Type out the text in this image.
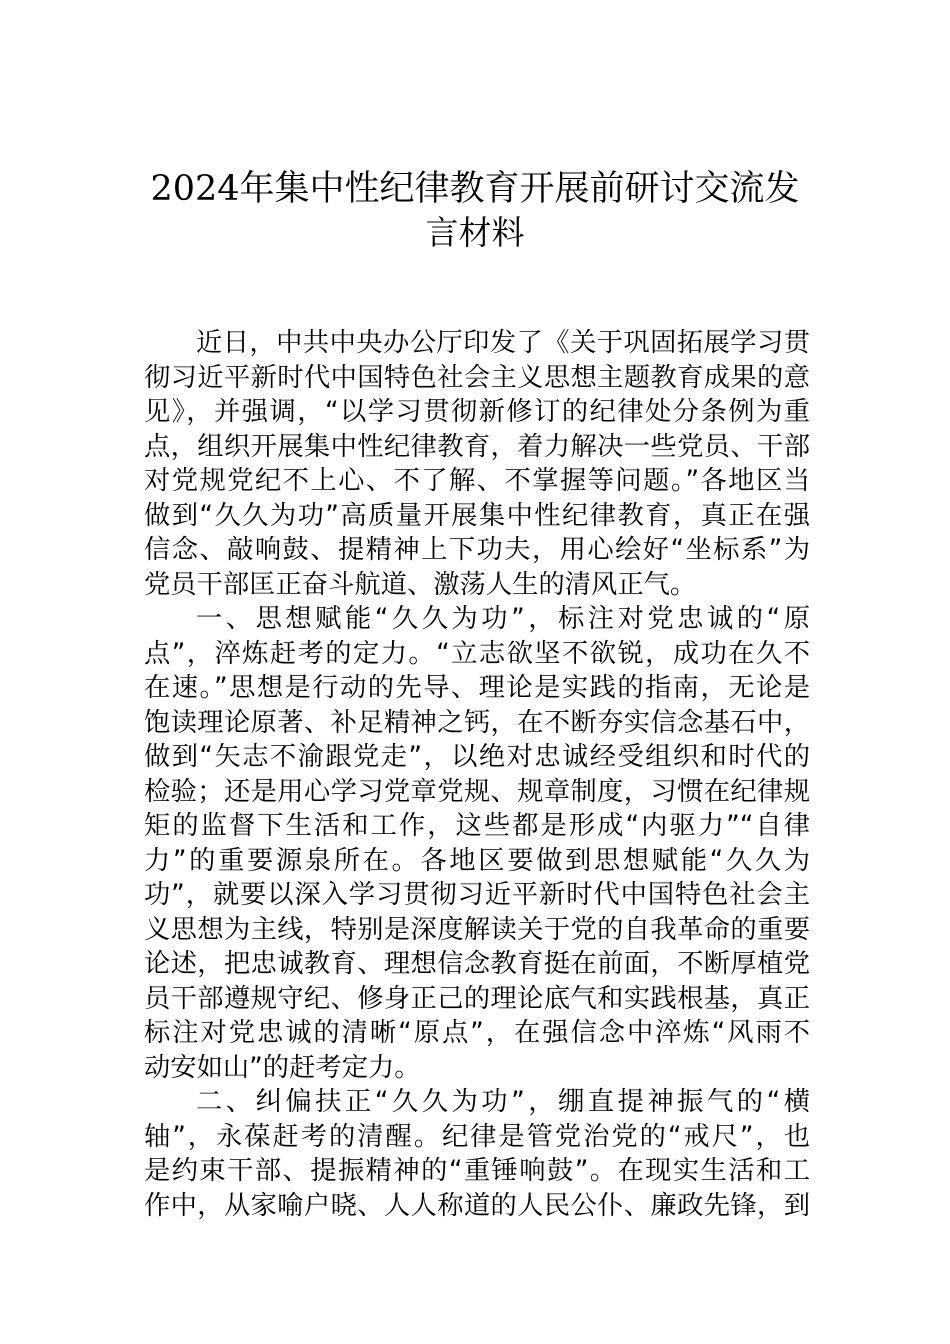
2024年集中性纪律教育开展前研讨交流发
言材料
近日，中共中央办公厅印发了《关于巩固拓展学习贯
彻习近平新时代中国特色社会主义思想主题教育成果的意
见》，并强调，“以学习贯彻新修订的纪律处分条例为重
点，组织开展集中性纪律教育，着力解决一些党员、干部
对党规党纪不上心、不了解、不掌握等问题。”各地区当
做到“久久为功”高质量开展集中性纪律教育，真正在强
信念、敲响鼓、提精神上下功夫，用心绘好“坐标系”为
党员干部匡正奋斗航道、激荡人生的清风正气。
一、思想赋能“久久为功”，标注对党忠诚的“原
点”，淬炼赶考的定力。“立志欲坚不欲锐，成功在久不
在速。”思想是行动的先导、理论是实践的指南，无论是
饱读理论原著、补足精神之钙，在不断夯实信念基石中，
做到“矢志不渝跟党走”，以绝对忠诚经受组织和时代的
检验；还是用心学习党章党规、规章制度，习惯在纪律规
矩的监督下生活和工作，这些都是形成“内驱力”“自律
力”的重要源泉所在。各地区要做到思想赋能“久久为
功”，就要以深入学习贯彻习近平新时代中国特色社会主
义思想为主线，特别是深度解读关于党的自我革命的重要
论述，把忠诚教育、理想信念教育挺在前面，不断厚植党
员干部遵规守纪、修身正己的理论底气和实践根基，真正
标注对党忠诚的清晰“原点”，在强信念中淬炼“风雨不
动安如山”的赶考定力。
二、纠偏扶正“久久为功”，绷直提神振气的“横
轴”，永葆赶考的清醒。纪律是管党治党的“戒尺”，也
是约束干部、提振精神的“重锤响鼓”。在现实生活和工
作中，从家喻户晓、人人称道的人民公仆、廉政先锋，到
